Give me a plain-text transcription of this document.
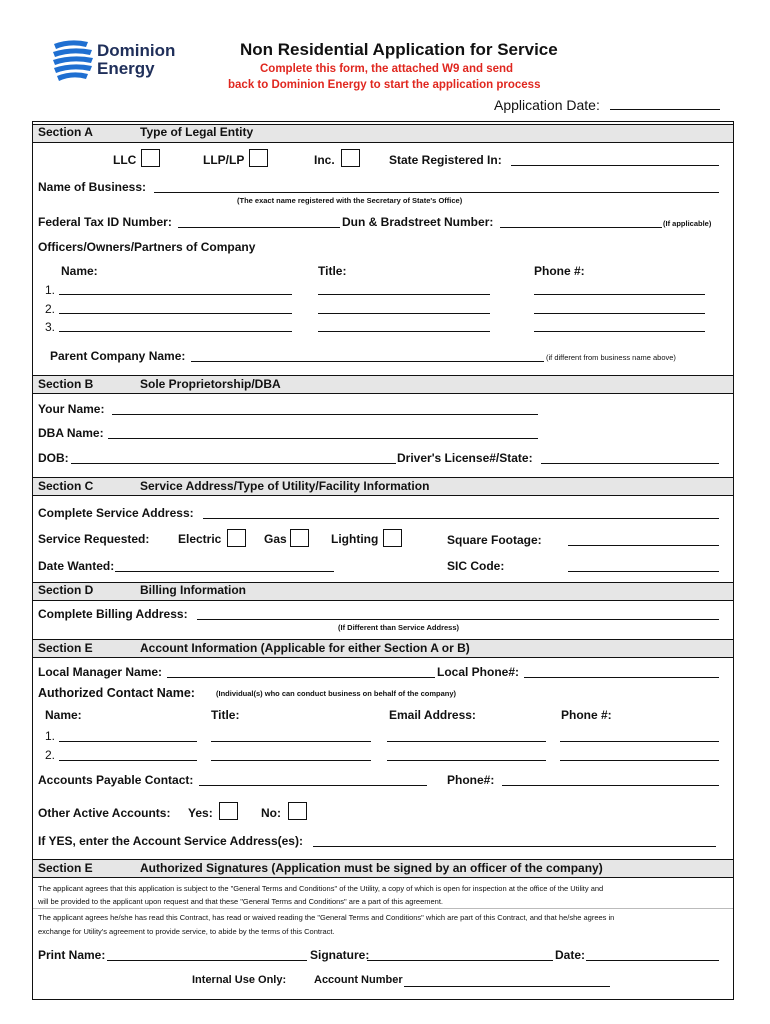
Dominion
Energy
Non Residential Application for Service
Complete this form, the attached W9 and send
back to Dominion Energy to start the application process
Application Date:
Section A	Type of Legal Entity
LLC	LLP/LP	Inc.	State Registered In:
Name of Business:
(The exact name registered with the Secretary of State's Office)
Federal Tax ID Number:	Dun & Bradstreet Number:	(If applicable)
Officers/Owners/Partners of Company
Name:	Title:	Phone #:
1.
2.
3.
Parent Company Name:	(if different from business name above)
Section B	Sole Proprietorship/DBA
Your Name:
DBA Name:
DOB:	Driver's License#/State:
Section C	Service Address/Type of Utility/Facility Information
Complete Service Address:
Service Requested: Electric	Gas	Lighting	Square Footage:
Date Wanted:	SIC Code:
Section D	Billing Information
Complete Billing Address:
(If Different than Service Address)
Section E	Account Information (Applicable for either Section A or B)
Local Manager Name:	Local Phone#:
Authorized Contact Name:	(Individual(s) who can conduct business on behalf of the company)
Name:	Title:	Email Address:	Phone #:
1.
2.
Accounts Payable Contact:	Phone#:
Other Active Accounts: Yes:	No:
If YES, enter the Account Service Address(es):
Section E	Authorized Signatures (Application must be signed by an officer of the company)
The applicant agrees that this application is subject to the "General Terms and Conditions" of the Utility, a copy of which is open for inspection at the office of the Utility and
will be provided to the applicant upon request and that these "General Terms and Conditions" are a part of this agreement.
The applicant agrees he/she has read this Contract, has read or waived reading the "General Terms and Conditions" which are part of this Contract, and that he/she agrees in
exchange for Utility's agreement to provide service, to abide by the terms of this Contract.
Print Name:	Signature:	Date:
Internal Use Only:	Account Number
